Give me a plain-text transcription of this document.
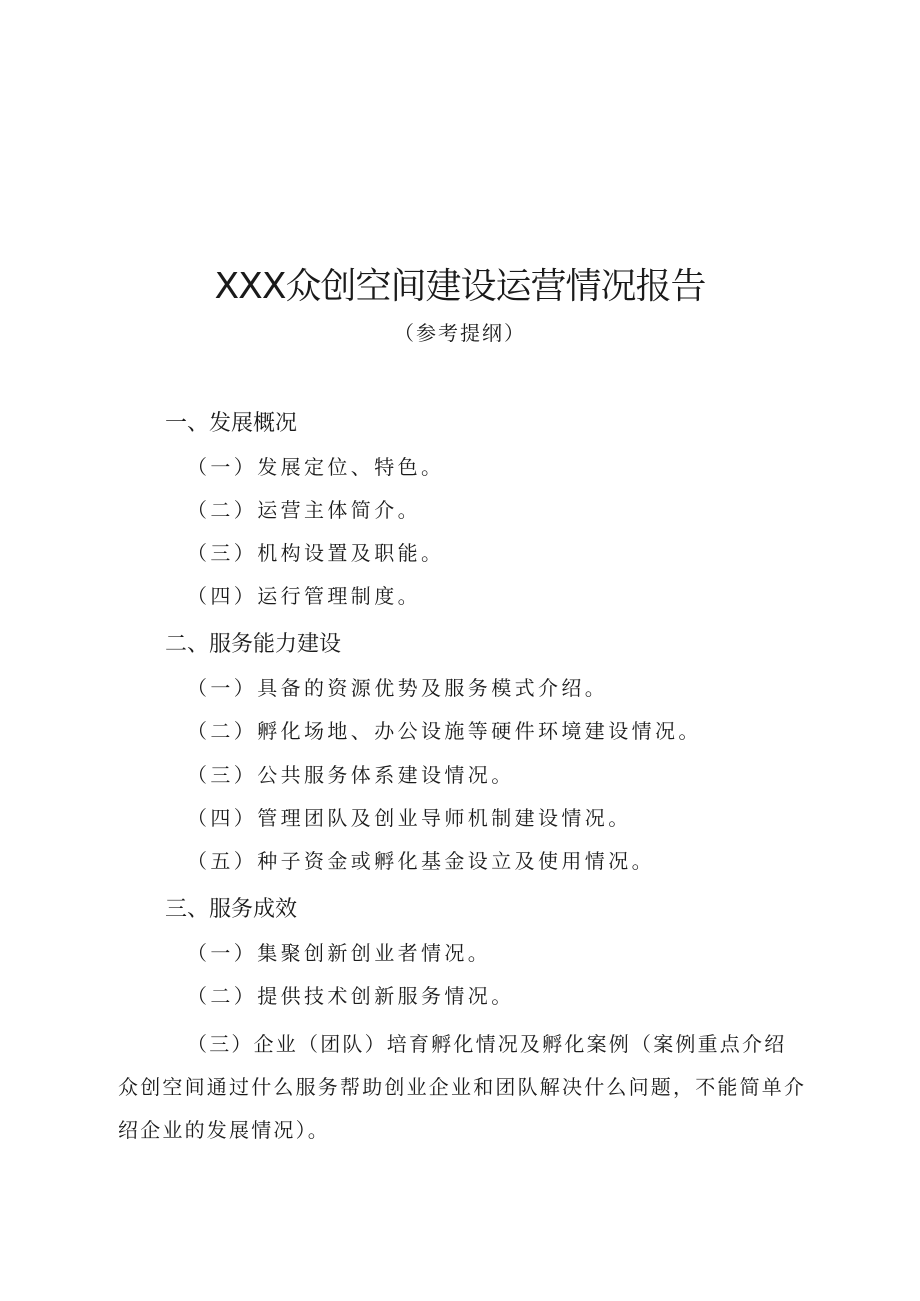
XXX众创空间建设运营情况报告
（参考提纲）
一、发展概况
（一）发展定位、特色。
（二）运营主体简介。
（三）机构设置及职能。
（四）运行管理制度。
二、服务能力建设
（一）具备的资源优势及服务模式介绍。
（二）孵化场地、办公设施等硬件环境建设情况。
（三）公共服务体系建设情况。
（四）管理团队及创业导师机制建设情况。
（五）种子资金或孵化基金设立及使用情况。
三、服务成效
（一）集聚创新创业者情况。
（二）提供技术创新服务情况。
（三）企业（团队）培育孵化情况及孵化案例（案例重点介绍众创空间通过什么服务帮助创业企业和团队解决什么问题，不能简单介绍企业的发展情况）。
